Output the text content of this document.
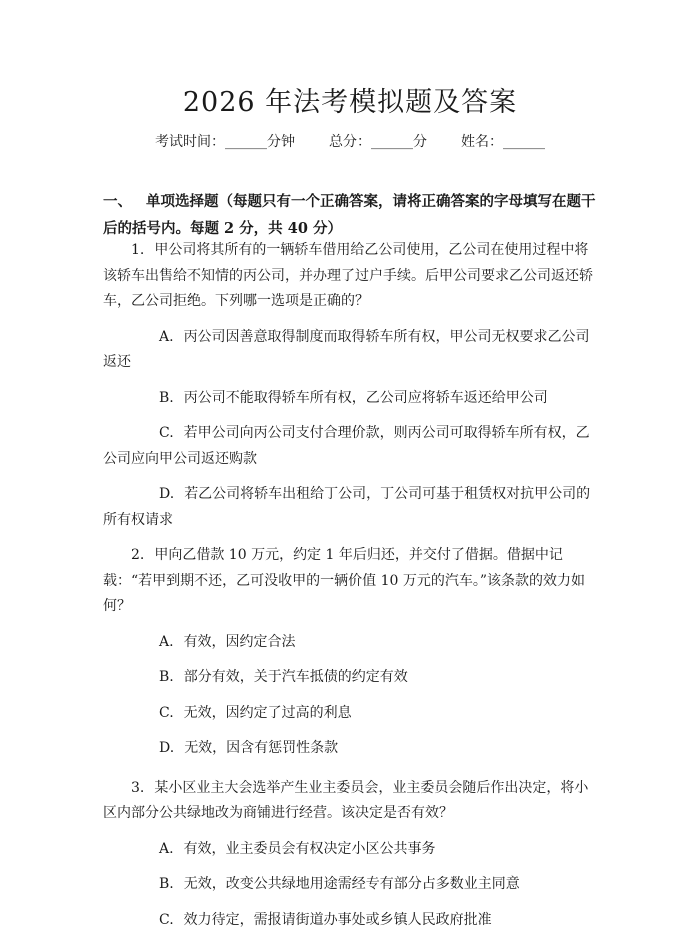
2026 年法考模拟题及答案
考试时间：______分钟 总分：______分 姓名：______
一、 单项选择题（每题只有一个正确答案，请将正确答案的字母填写在题干后的括号内。每题 2 分，共 40 分）

1. 甲公司将其所有的一辆轿车借用给乙公司使用，乙公司在使用过程中将该轿车出售给不知情的丙公司，并办理了过户手续。后甲公司要求乙公司返还轿车，乙公司拒绝。下列哪一选项是正确的？

A. 丙公司因善意取得制度而取得轿车所有权，甲公司无权要求乙公司返还

B. 丙公司不能取得轿车所有权，乙公司应将轿车返还给甲公司

C. 若甲公司向丙公司支付合理价款，则丙公司可取得轿车所有权，乙公司应向甲公司返还购款

D. 若乙公司将轿车出租给丁公司，丁公司可基于租赁权对抗甲公司的所有权请求

2. 甲向乙借款 10 万元，约定 1 年后归还，并交付了借据。借据中记载：“若甲到期不还，乙可没收甲的一辆价值 10 万元的汽车。”该条款的效力如何？

A. 有效，因约定合法

B. 部分有效，关于汽车抵债的约定有效

C. 无效，因约定了过高的利息

D. 无效，因含有惩罚性条款

3. 某小区业主大会选举产生业主委员会，业主委员会随后作出决定，将小区内部分公共绿地改为商铺进行经营。该决定是否有效？

A. 有效，业主委员会有权决定小区公共事务

B. 无效，改变公共绿地用途需经专有部分占多数业主同意

C. 效力待定，需报请街道办事处或乡镇人民政府批准
